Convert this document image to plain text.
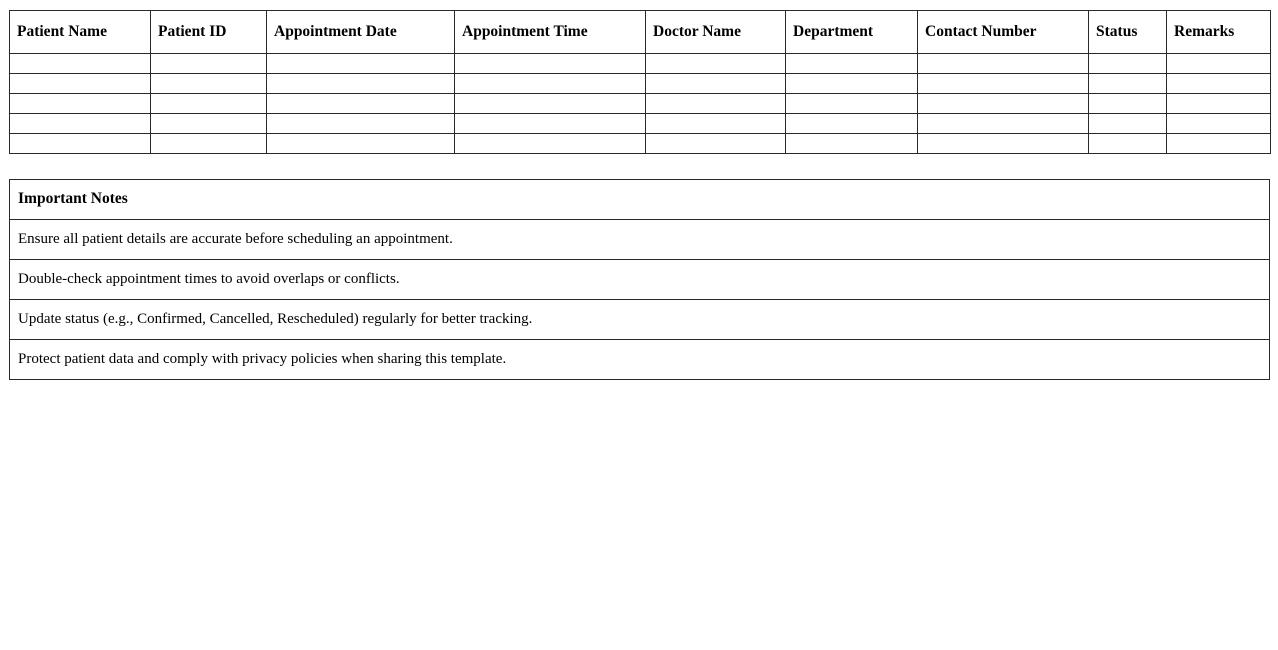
Patient Name	Patient ID	Appointment Date	Appointment Time	Doctor Name	Department	Contact Number	Status	Remarks

Important Notes
Ensure all patient details are accurate before scheduling an appointment.
Double-check appointment times to avoid overlaps or conflicts.
Update status (e.g., Confirmed, Cancelled, Rescheduled) regularly for better tracking.
Protect patient data and comply with privacy policies when sharing this template.
